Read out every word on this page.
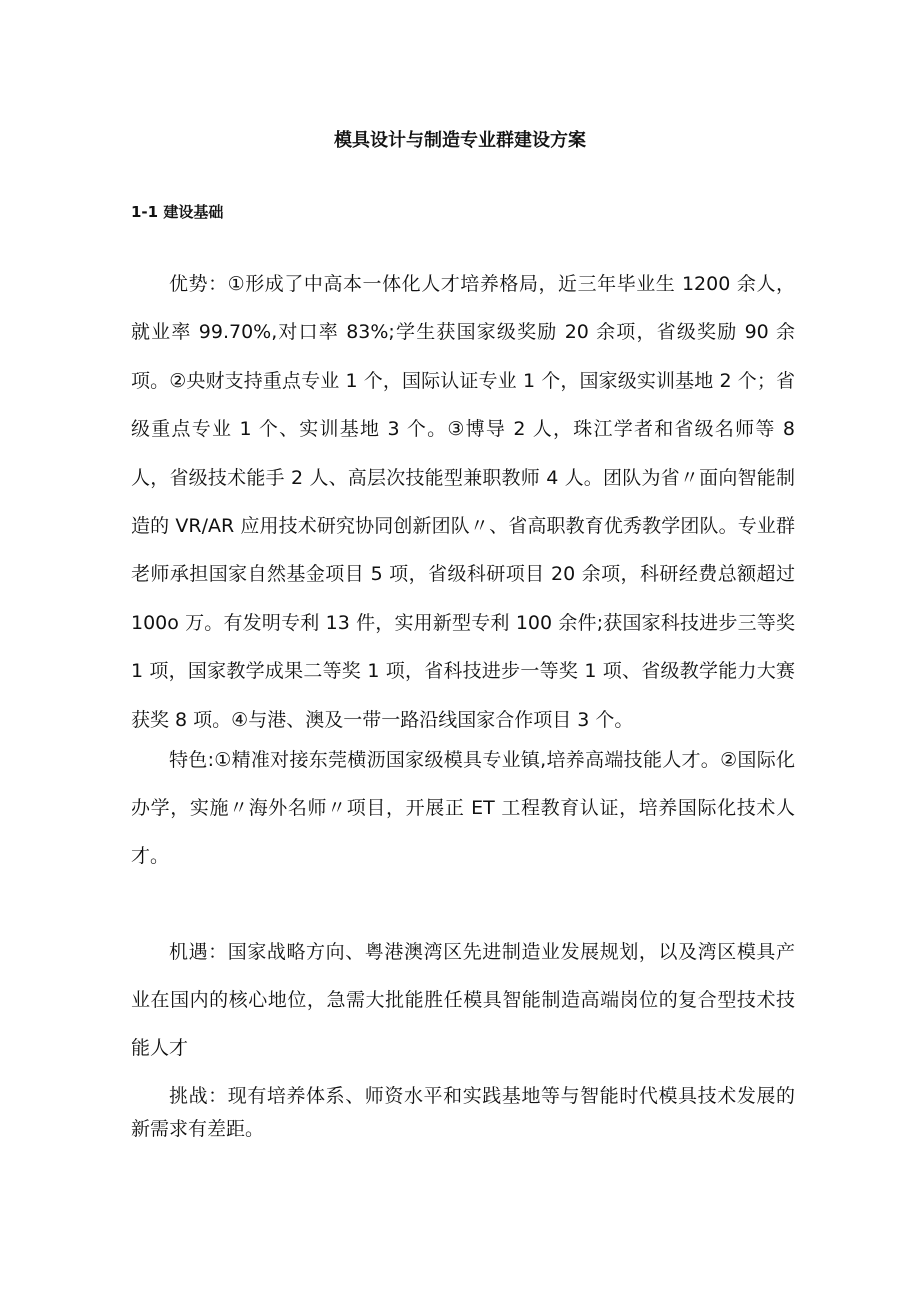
模具设计与制造专业群建设方案
1-1 建设基础

优势：①形成了中高本一体化人才培养格局，近三年毕业生 1200 余人，就业率 99.70%,对口率 83%;学生获国家级奖励 20 余项，省级奖励 90 余项。②央财支持重点专业 1 个，国际认证专业 1 个，国家级实训基地 2 个；省级重点专业 1 个、实训基地 3 个。③博导 2 人，珠江学者和省级名师等 8 人，省级技术能手 2 人、高层次技能型兼职教师 4 人。团队为省〃面向智能制造的 VR/AR 应用技术研究协同创新团队〃、省高职教育优秀教学团队。专业群老师承担国家自然基金项目 5 项，省级科研项目 20 余项，科研经费总额超过 100o 万。有发明专利 13 件，实用新型专利 100 余件;获国家科技进步三等奖 1 项，国家教学成果二等奖 1 项，省科技进步一等奖 1 项、省级教学能力大赛获奖 8 项。④与港、澳及一带一路沿线国家合作项目 3 个。

特色:①精准对接东莞横沥国家级模具专业镇,培养高端技能人才。②国际化办学，实施〃海外名师〃项目，开展正 ET 工程教育认证，培养国际化技术人才。

机遇：国家战略方向、粤港澳湾区先进制造业发展规划，以及湾区模具产业在国内的核心地位，急需大批能胜任模具智能制造高端岗位的复合型技术技能人才

挑战：现有培养体系、师资水平和实践基地等与智能时代模具技术发展的新需求有差距。
